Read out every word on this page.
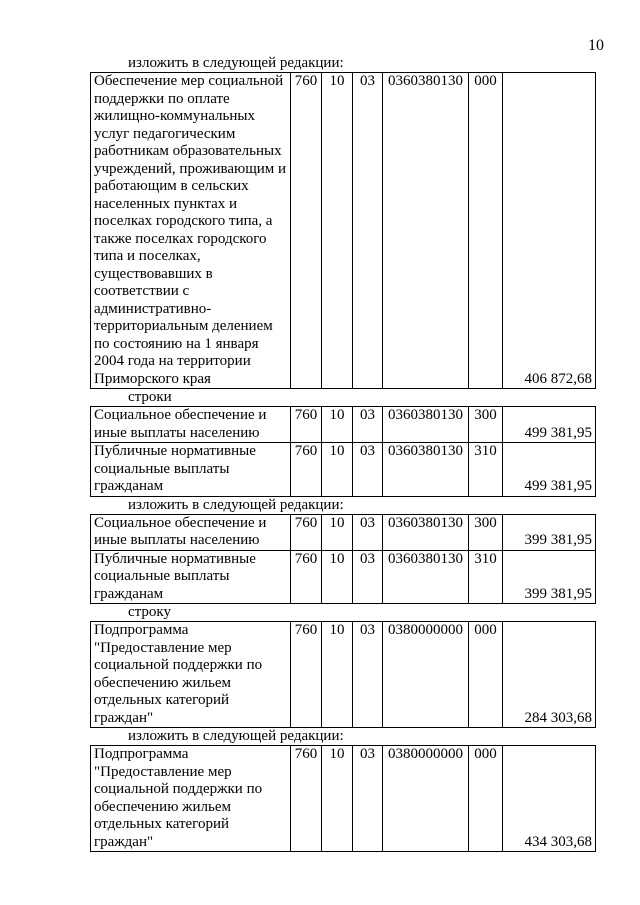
10
изложить в следующей редакции:
Обеспечение мер социальной
поддержки по оплате
жилищно-коммунальных
услуг педагогическим
работникам образовательных
учреждений, проживающим и
работающим в сельских
населенных пунктах и
поселках городского типа, а
также поселках городского
типа и поселках,
существовавших в
соответствии с
административно-
территориальным делением
по состоянию на 1 января
2004 года на территории
Приморского края
	760	10	03	0360380130	000	406 872,68
строки
Социальное обеспечение и
иные выплаты населению	760	10	03	0360380130	300	499 381,95

Публичные нормативные
социальные выплаты
гражданам	760	10	03	0360380130	310	499 381,95
изложить в следующей редакции:
Социальное обеспечение и
иные выплаты населению	760	10	03	0360380130	300	399 381,95

Публичные нормативные
социальные выплаты
гражданам	760	10	03	0360380130	310	399 381,95
строку
Подпрограмма
"Предоставление мер
социальной поддержки по
обеспечению жильем
отдельных категорий
граждан"
	760	10	03	0380000000	000	284 303,68
изложить в следующей редакции:
Подпрограмма
"Предоставление мер
социальной поддержки по
обеспечению жильем
отдельных категорий
граждан"
	760	10	03	0380000000	000	434 303,68
